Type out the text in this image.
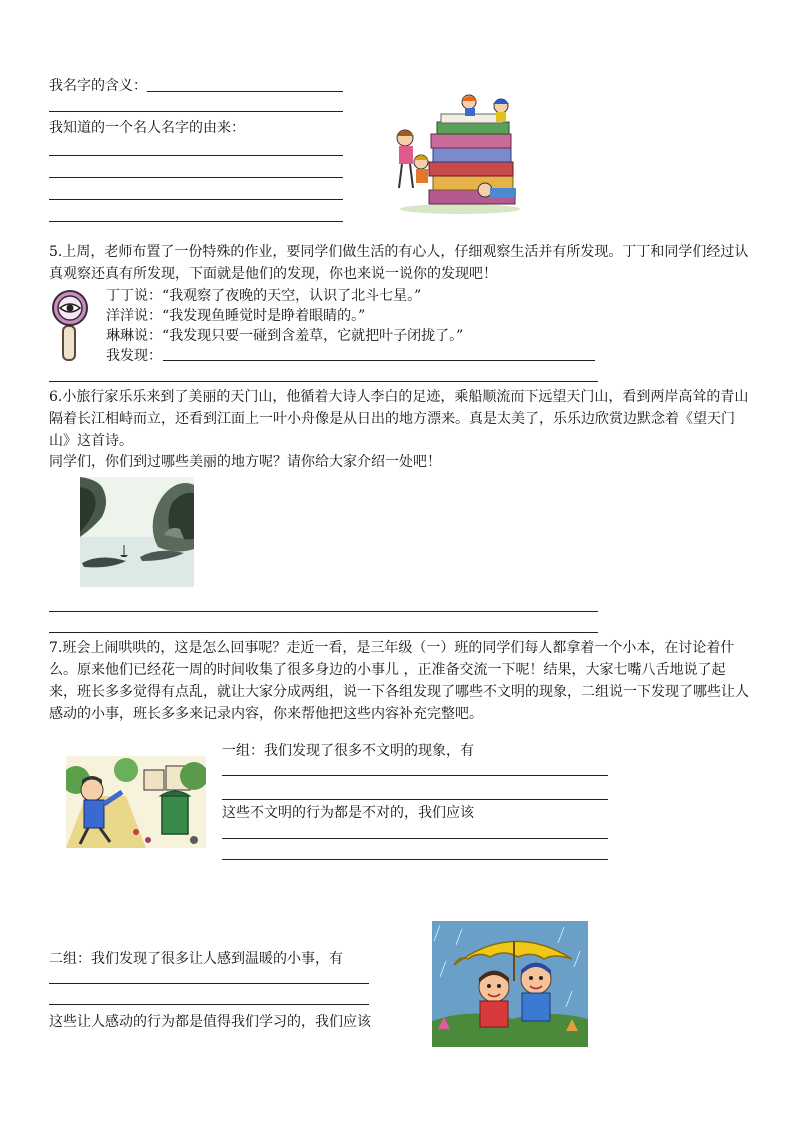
我名字的含义：
我知道的一个名人名字的由来：
5.上周，老师布置了一份特殊的作业，要同学们做生活的有心人，仔细观察生活并有所发现。丁丁和同学们经过认真观察还真有所发现，下面就是他们的发现，你也来说一说你的发现吧！
丁丁说：“我观察了夜晚的天空，认识了北斗七星。”
洋洋说：“我发现鱼睡觉时是睁着眼睛的。”
琳琳说：“我发现只要一碰到含羞草，它就把叶子闭拢了。”
我发现：
6.小旅行家乐乐来到了美丽的天门山，他循着大诗人李白的足迹，乘船顺流而下远望天门山，看到两岸高耸的青山隔着长江相峙而立，还看到江面上一叶小舟像是从日出的地方漂来。真是太美了，乐乐边欣赏边默念着《望天门山》这首诗。
同学们，你们到过哪些美丽的地方呢？请你给大家介绍一处吧！
7.班会上闹哄哄的，这是怎么回事呢？走近一看，是三年级（一）班的同学们每人都拿着一个小本，在讨论着什么。原来他们已经花一周的时间收集了很多身边的小事儿 ，正准备交流一下呢！结果，大家七嘴八舌地说了起来，班长多多觉得有点乱，就让大家分成两组，说一下各组发现了哪些不文明的现象，二组说一下发现了哪些让人感动的小事，班长多多来记录内容，你来帮他把这些内容补充完整吧。
一组：我们发现了很多不文明的现象，有
这些不文明的行为都是不对的，我们应该
二组：我们发现了很多让人感到温暖的小事，有
这些让人感动的行为都是值得我们学习的，我们应该
